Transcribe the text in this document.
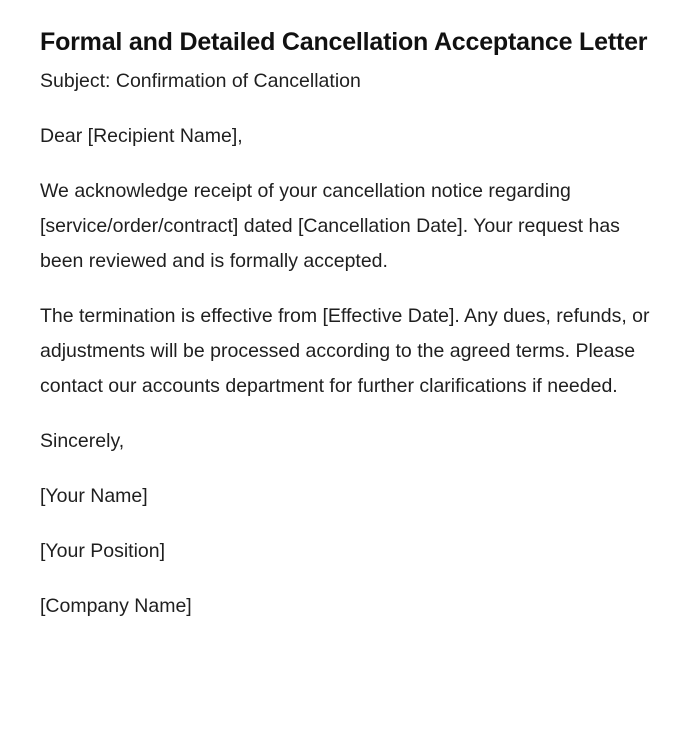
Formal and Detailed Cancellation Acceptance Letter

Subject: Confirmation of Cancellation

Dear [Recipient Name],

We acknowledge receipt of your cancellation notice regarding [service/order/contract] dated [Cancellation Date]. Your request has been reviewed and is formally accepted.

The termination is effective from [Effective Date]. Any dues, refunds, or adjustments will be processed according to the agreed terms. Please contact our accounts department for further clarifications if needed.

Sincerely,

[Your Name]

[Your Position]

[Company Name]
